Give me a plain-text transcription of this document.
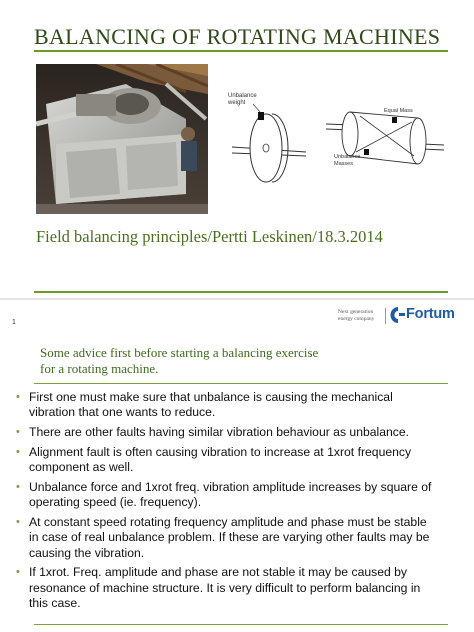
BALANCING OF ROTATING MACHINES
Unbalance
weight
Equal Mass
Unbalance
Masses
Field balancing principles/Pertti Leskinen/18.3.2014
1
Next generation
energy company	Fortum
Some advice first before starting a balancing exercise
for a rotating machine.
• First one must make sure that unbalance is causing the mechanical
vibration that one wants to reduce.
• There are other faults having similar vibration behaviour as unbalance.
• Alignment fault is often causing vibration to increase at 1xrot frequency
component as well.
• Unbalance force and 1xrot freq. vibration amplitude increases by square of
operating speed (ie. frequency).
• At constant speed rotating frequency amplitude and phase must be stable
in case of real unbalance problem. If these are varying other faults may be
causing the vibration.
• If 1xrot. Freq. amplitude and phase are not stable it may be caused by
resonance of machine structure. It is very difficult to perform balancing in
this case.
